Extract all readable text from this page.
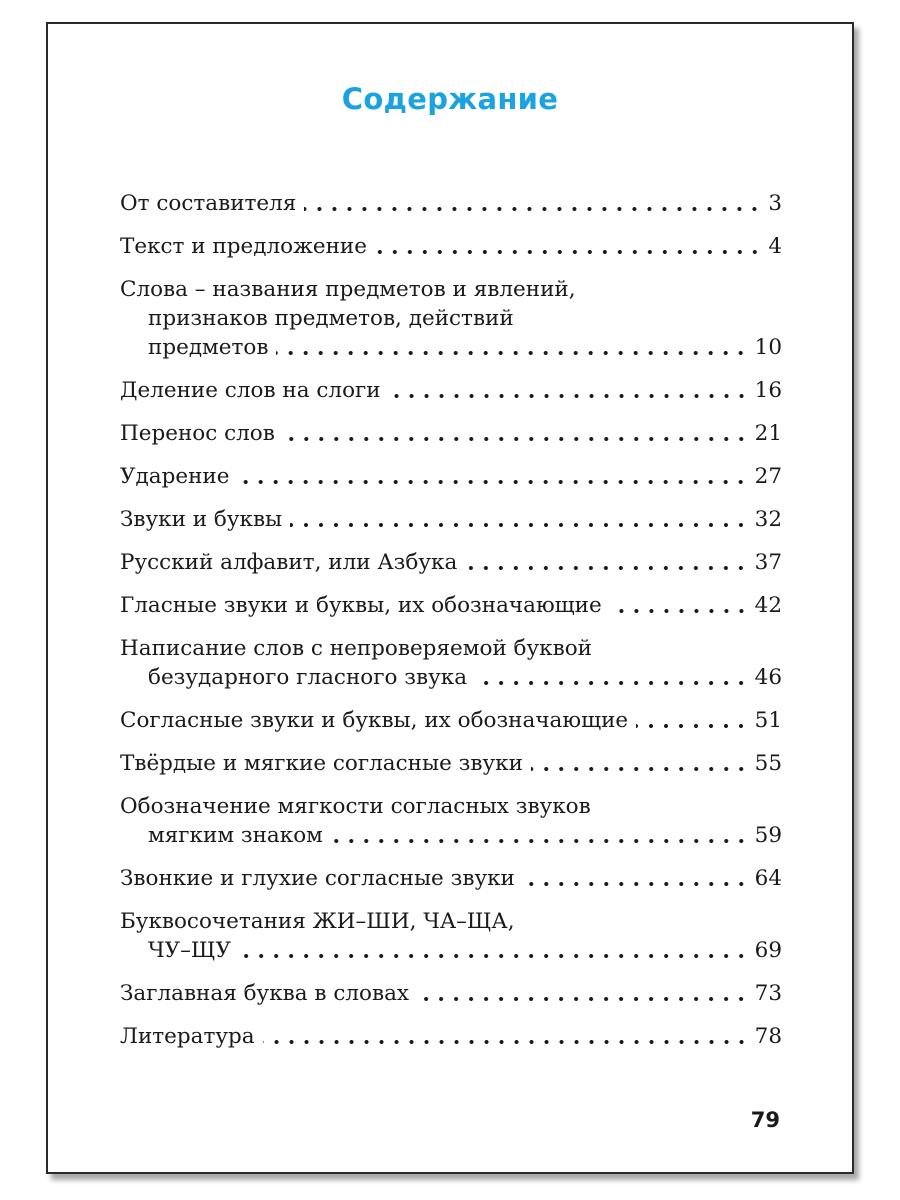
Содержание
От составителя	3
Текст и предложение	4
Слова – названия предметов и явлений,
признаков предметов, действий
предметов	10
Деление слов на слоги	16
Перенос слов	21
Ударение	27
Звуки и буквы	32
Русский алфавит, или Азбука	37
Гласные звуки и буквы, их обозначающие	42
Написание слов с непроверяемой буквой
безударного гласного звука	46
Согласные звуки и буквы, их обозначающие	51
Твёрдые и мягкие согласные звуки	55
Обозначение мягкости согласных звуков
мягким знаком	59
Звонкие и глухие согласные звуки	64
Буквосочетания ЖИ–ШИ, ЧА–ЩА,
ЧУ–ЩУ	69
Заглавная буква в словах	73
Литература	78
79
